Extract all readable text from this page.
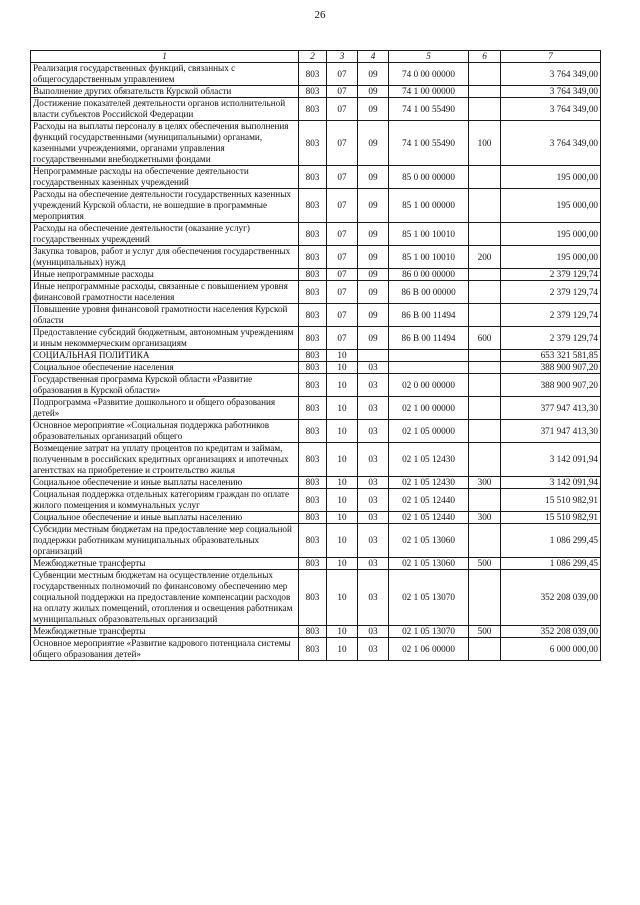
26
1	2	3	4	5	6	7
Реализация государственных функций, связанных с общегосударственным управлением	803	07	09	74 0 00 00000		3 764 349,00
Выполнение других обязательств Курской области	803	07	09	74 1 00 00000		3 764 349,00
Достижение показателей деятельности органов исполнительной власти субъектов Российской Федерации	803	07	09	74 1 00 55490		3 764 349,00
Расходы на выплаты персоналу в целях обеспечения выполнения функций государственными (муниципальными) органами, казенными учреждениями, органами управления государственными внебюджетными фондами	803	07	09	74 1 00 55490	100	3 764 349,00
Непрограммные расходы на обеспечение деятельности государственных казенных учреждений	803	07	09	85 0 00 00000		195 000,00
Расходы на обеспечение деятельности государственных казенных учреждений Курской области, не вошедшие в программные мероприятия	803	07	09	85 1 00 00000		195 000,00
Расходы на обеспечение деятельности (оказание услуг) государственных учреждений	803	07	09	85 1 00 10010		195 000,00
Закупка товаров, работ и услуг для обеспечения государственных (муниципальных) нужд	803	07	09	85 1 00 10010	200	195 000,00
Иные непрограммные расходы	803	07	09	86 0 00 00000		2 379 129,74
Иные непрограммные расходы, связанные с повышением уровня финансовой грамотности населения	803	07	09	86 В 00 00000		2 379 129,74
Повышение уровня финансовой грамотности населения Курской области	803	07	09	86 В 00 11494		2 379 129,74
Предоставление субсидий бюджетным, автономным учреждениям и иным некоммерческим организациям	803	07	09	86 В 00 11494	600	2 379 129,74
СОЦИАЛЬНАЯ ПОЛИТИКА	803	10				653 321 581,85
Социальное обеспечение населения	803	10	03			388 900 907,20
Государственная программа Курской области «Развитие образования в Курской области»	803	10	03	02 0 00 00000		388 900 907,20
Подпрограмма «Развитие дошкольного и общего образования детей»	803	10	03	02 1 00 00000		377 947 413,30
Основное мероприятие «Социальная поддержка работников образовательных организаций общего	803	10	03	02 1 05 00000		371 947 413,30
Возмещение затрат на уплату процентов по кредитам и займам, полученным в российских кредитных организациях и ипотечных агентствах на приобретение и строительство жилья	803	10	03	02 1 05 12430		3 142 091,94
Социальное обеспечение и иные выплаты населению	803	10	03	02 1 05 12430	300	3 142 091,94
Социальная поддержка отдельных категориям граждан по оплате жилого помещения и коммунальных услуг	803	10	03	02 1 05 12440		15 510 982,91
Социальное обеспечение и иные выплаты населению	803	10	03	02 1 05 12440	300	15 510 982,91
Субсидии местным бюджетам на предоставление мер социальной поддержки работникам муниципальных образовательных организаций	803	10	03	02 1 05 13060		1 086 299,45
Межбюджетные трансферты	803	10	03	02 1 05 13060	500	1 086 299,45
Субвенции местным бюджетам на осуществление отдельных государственных полномочий по финансовому обеспечению мер социальной поддержки на предоставление компенсации расходов на оплату жилых помещений, отопления и освещения работникам муниципальных образовательных организаций	803	10	03	02 1 05 13070		352 208 039,00
Межбюджетные трансферты	803	10	03	02 1 05 13070	500	352 208 039,00
Основное мероприятие «Развитие кадрового потенциала системы общего образования детей»	803	10	03	02 1 06 00000		6 000 000,00
